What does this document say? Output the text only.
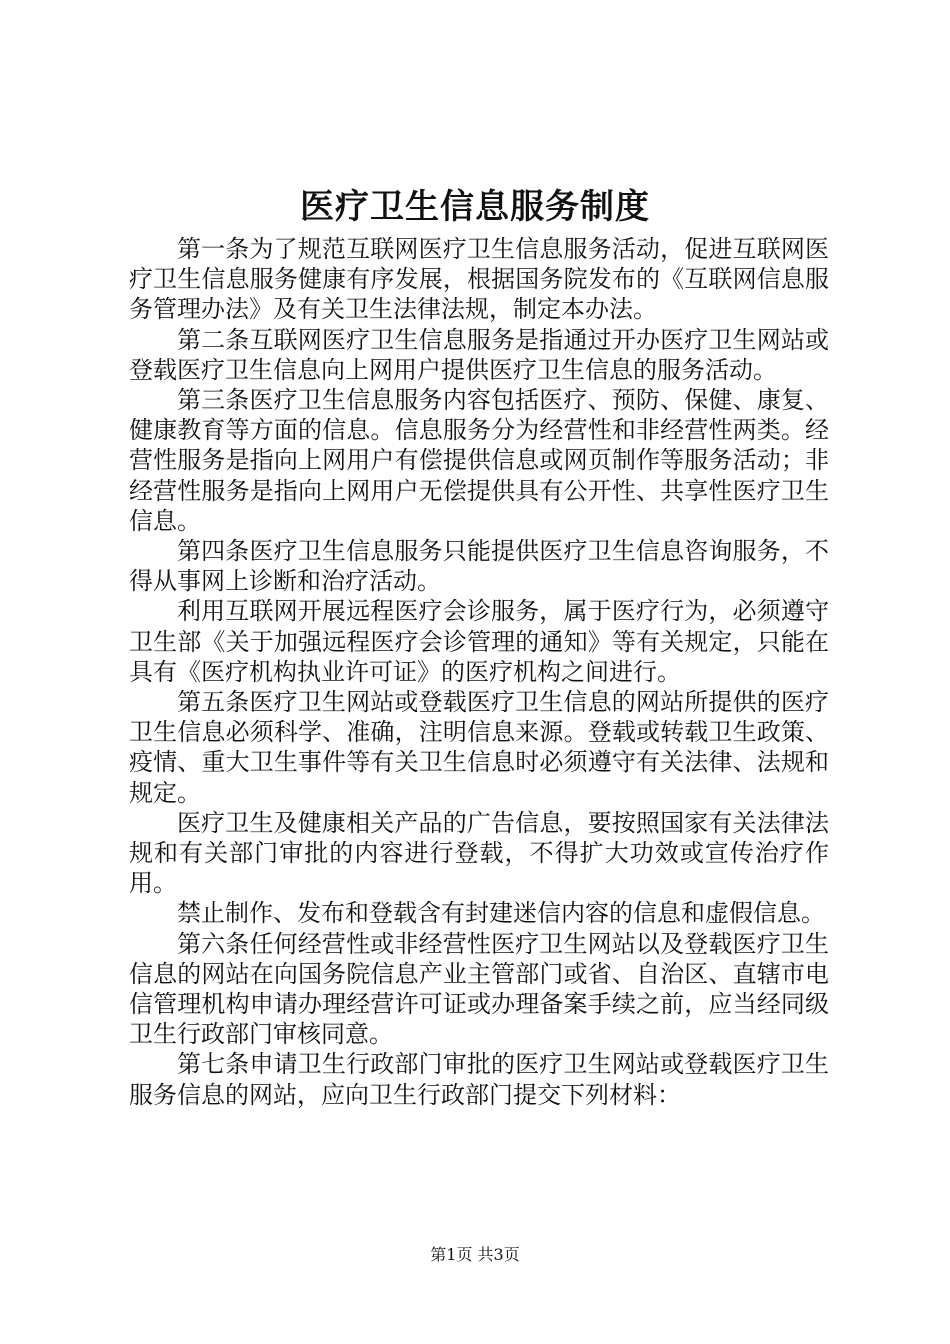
医疗卫生信息服务制度

第一条为了规范互联网医疗卫生信息服务活动，促进互联网医疗卫生信息服务健康有序发展，根据国务院发布的《互联网信息服务管理办法》及有关卫生法律法规，制定本办法。

第二条互联网医疗卫生信息服务是指通过开办医疗卫生网站或登载医疗卫生信息向上网用户提供医疗卫生信息的服务活动。

第三条医疗卫生信息服务内容包括医疗、预防、保健、康复、健康教育等方面的信息。信息服务分为经营性和非经营性两类。经营性服务是指向上网用户有偿提供信息或网页制作等服务活动；非经营性服务是指向上网用户无偿提供具有公开性、共享性医疗卫生信息。

第四条医疗卫生信息服务只能提供医疗卫生信息咨询服务，不得从事网上诊断和治疗活动。

利用互联网开展远程医疗会诊服务，属于医疗行为，必须遵守卫生部《关于加强远程医疗会诊管理的通知》等有关规定，只能在具有《医疗机构执业许可证》的医疗机构之间进行。

第五条医疗卫生网站或登载医疗卫生信息的网站所提供的医疗卫生信息必须科学、准确，注明信息来源。登载或转载卫生政策、疫情、重大卫生事件等有关卫生信息时必须遵守有关法律、法规和规定。

医疗卫生及健康相关产品的广告信息，要按照国家有关法律法规和有关部门审批的内容进行登载，不得扩大功效或宣传治疗作用。

禁止制作、发布和登载含有封建迷信内容的信息和虚假信息。

第六条任何经营性或非经营性医疗卫生网站以及登载医疗卫生信息的网站在向国务院信息产业主管部门或省、自治区、直辖市电信管理机构申请办理经营许可证或办理备案手续之前，应当经同级卫生行政部门审核同意。

第七条申请卫生行政部门审批的医疗卫生网站或登载医疗卫生服务信息的网站，应向卫生行政部门提交下列材料：

第1页 共3页
